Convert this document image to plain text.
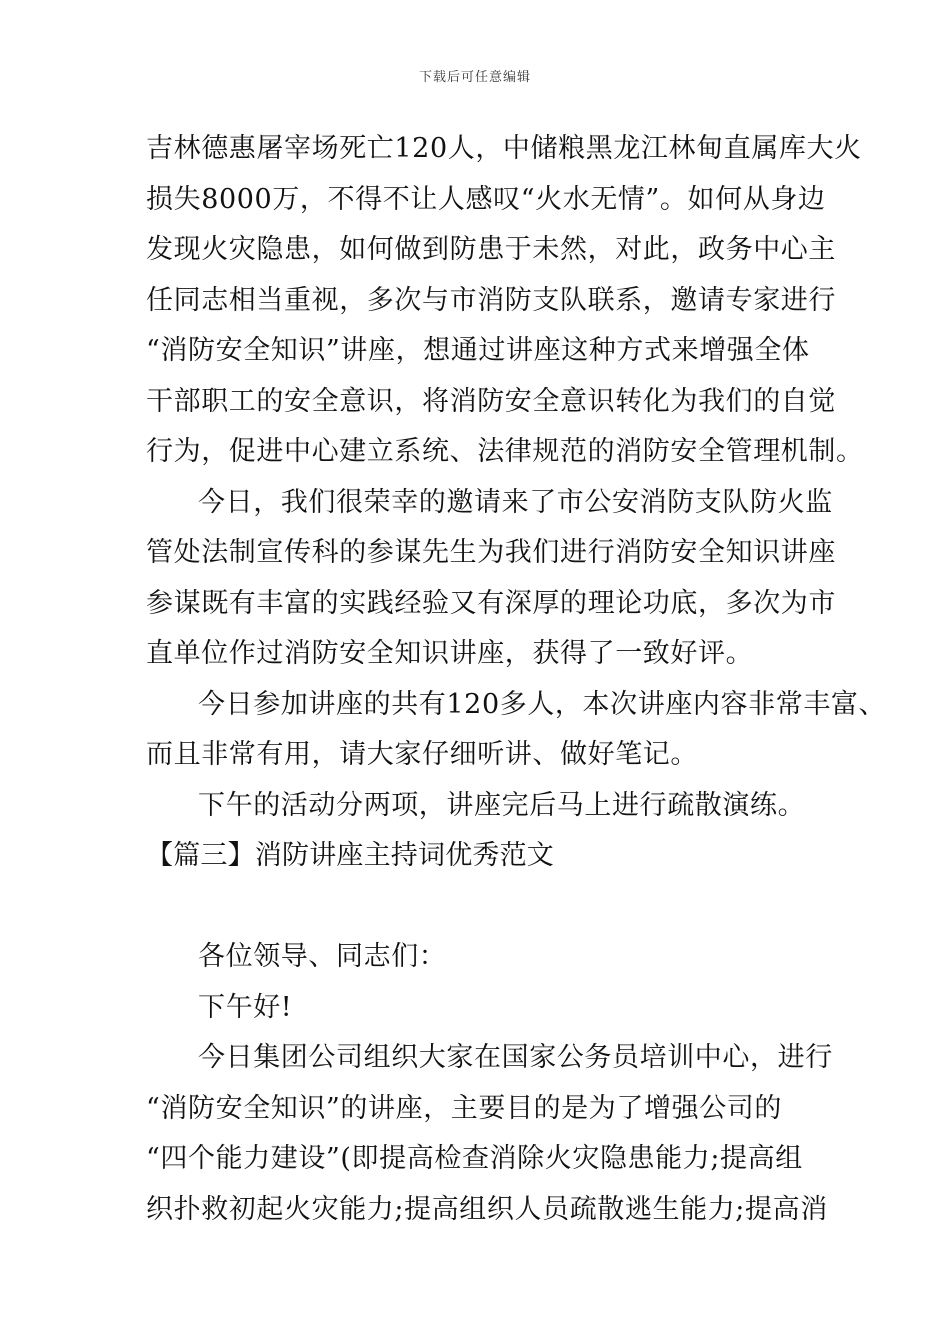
下载后可任意编辑
吉林德惠屠宰场死亡120人，中储粮黑龙江林甸直属库大火
损失8000万，不得不让人感叹“火水无情”。如何从身边
发现火灾隐患，如何做到防患于未然，对此，政务中心主
任同志相当重视，多次与市消防支队联系，邀请专家进行
“消防安全知识”讲座，想通过讲座这种方式来增强全体
干部职工的安全意识，将消防安全意识转化为我们的自觉
行为，促进中心建立系统、法律规范的消防安全管理机制。
今日，我们很荣幸的邀请来了市公安消防支队防火监
管处法制宣传科的参谋先生为我们进行消防安全知识讲座
参谋既有丰富的实践经验又有深厚的理论功底，多次为市
直单位作过消防安全知识讲座，获得了一致好评。
今日参加讲座的共有120多人，本次讲座内容非常丰富、
而且非常有用，请大家仔细听讲、做好笔记。
下午的活动分两项，讲座完后马上进行疏散演练。
【篇三】消防讲座主持词优秀范文
各位领导、同志们：
下午好!
今日集团公司组织大家在国家公务员培训中心，进行
“消防安全知识”的讲座，主要目的是为了增强公司的
“四个能力建设”(即提高检查消除火灾隐患能力;提高组
织扑救初起火灾能力;提高组织人员疏散逃生能力;提高消
